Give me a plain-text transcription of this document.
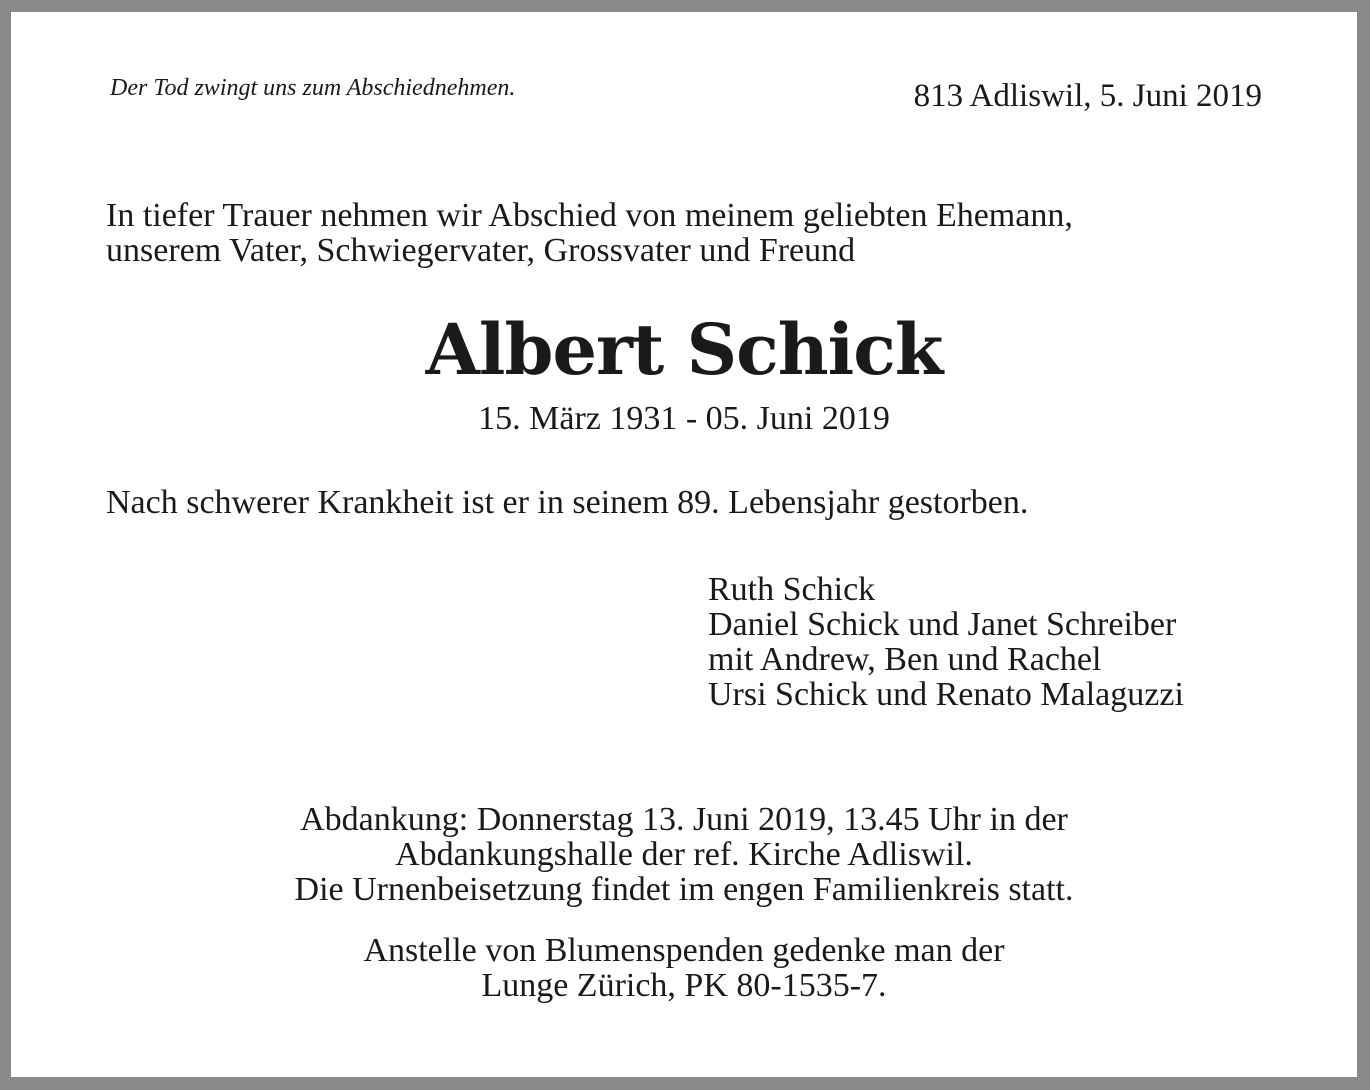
Der Tod zwingt uns zum Abschiednehmen.	813 Adliswil, 5. Juni 2019
In tiefer Trauer nehmen wir Abschied von meinem geliebten Ehemann,
unserem Vater, Schwiegervater, Grossvater und Freund
Albert Schick
15. März 1931 - 05. Juni 2019
Nach schwerer Krankheit ist er in seinem 89. Lebensjahr gestorben.
Ruth Schick
Daniel Schick und Janet Schreiber
mit Andrew, Ben und Rachel
Ursi Schick und Renato Malaguzzi
Abdankung: Donnerstag 13. Juni 2019, 13.45 Uhr in der
Abdankungshalle der ref. Kirche Adliswil.
Die Urnenbeisetzung findet im engen Familienkreis statt.
Anstelle von Blumenspenden gedenke man der
Lunge Zürich, PK 80-1535-7.
